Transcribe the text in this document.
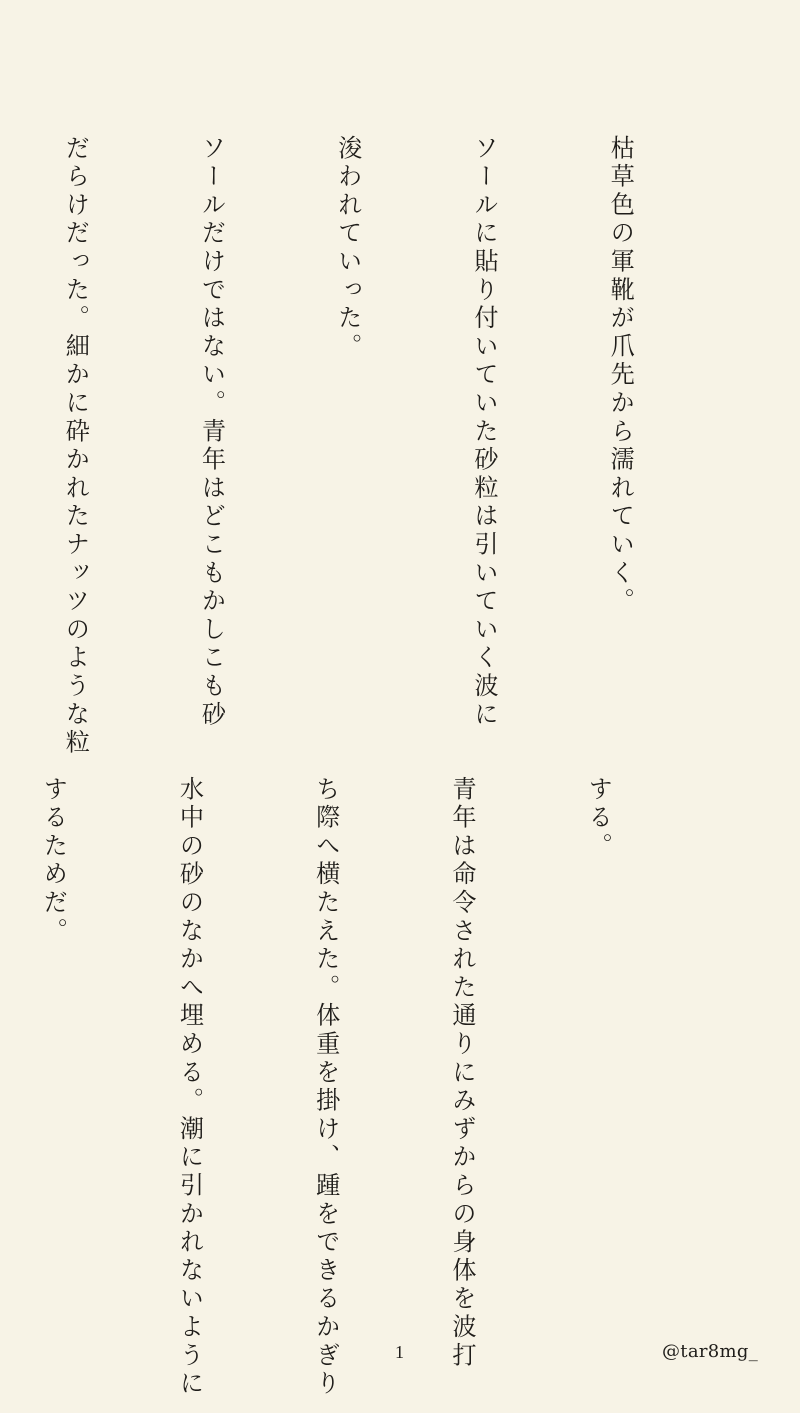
枯草色の軍靴が爪先から濡れていく。

ソールに貼り付いていた砂粒は引いていく波に

浚われていった。

ソールだけではない。青年はどこもかしこも砂

だらけだった。細かに砕かれたナッツのような粒

する。

青年は命令された通りにみずからの身体を波打

ち際へ横たえた。体重を掛け、踵をできるかぎり

水中の砂のなかへ埋める。潮に引かれないように

するためだ。

1	@tar8mg_
